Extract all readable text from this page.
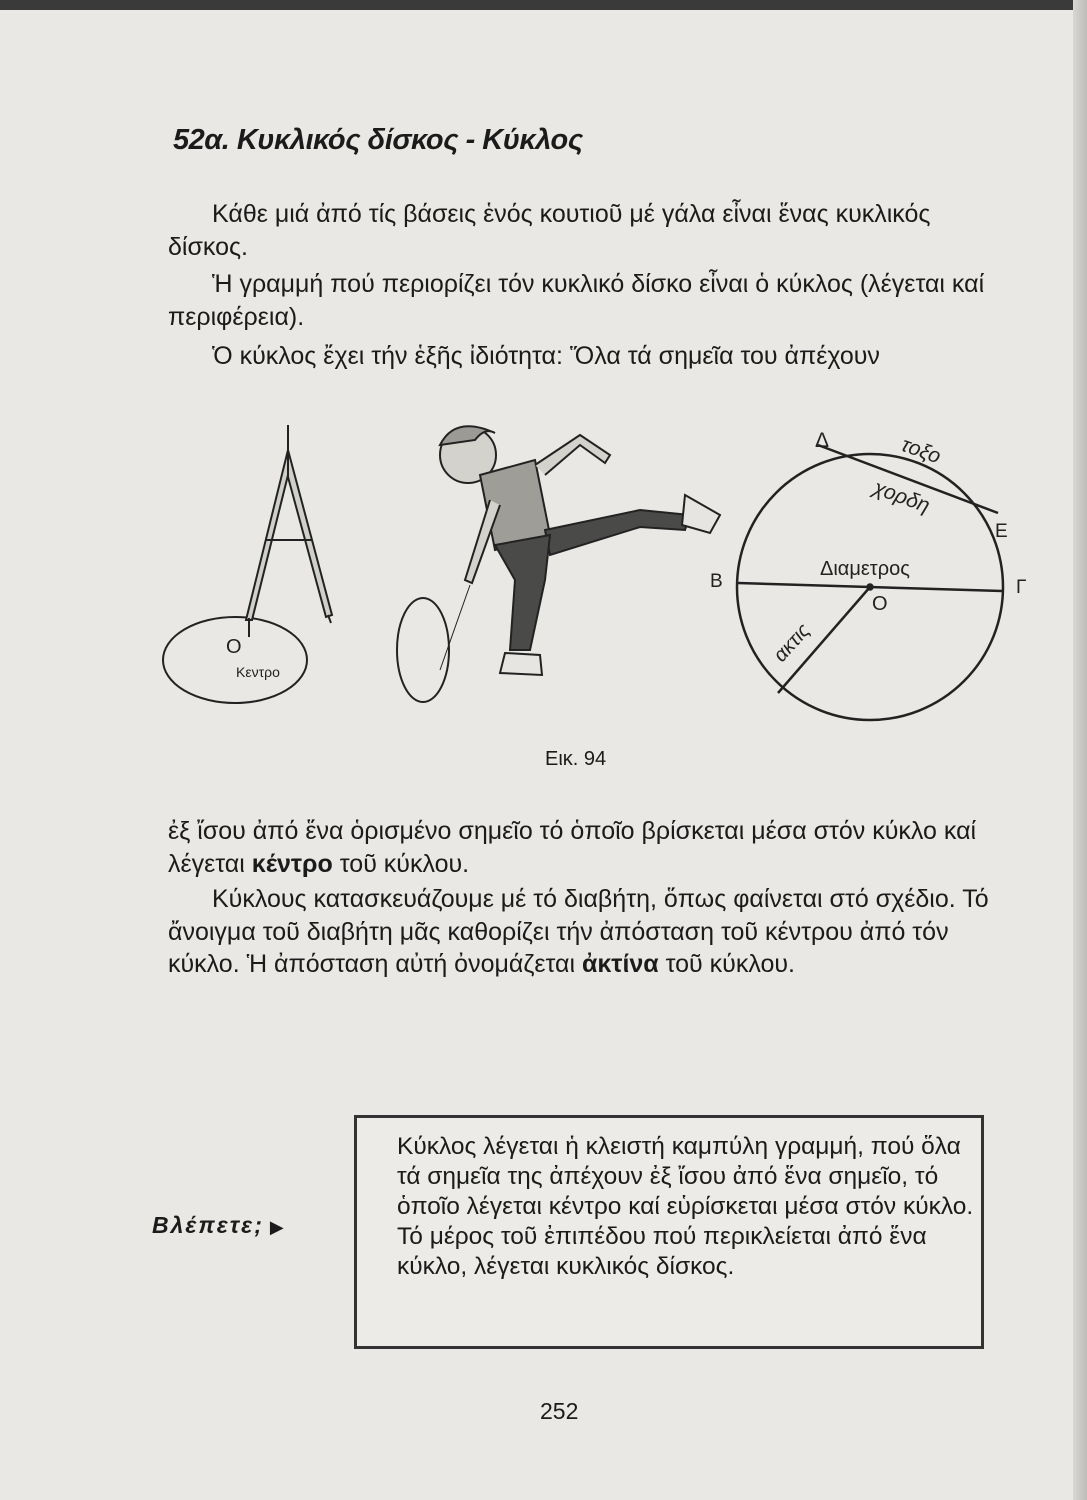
52α. Κυκλικός δίσκος - Κύκλος

Κάθε μιά ἀπό τίς βάσεις ἑνός κουτιοῦ μέ γάλα εἶναι ἕνας κυκλικός δίσκος.

Ἡ γραμμή πού περιορίζει τόν κυκλικό δίσκο εἶναι ὁ κύκλος (λέγεται καί περιφέρεια).

Ὁ κύκλος ἔχει τήν ἑξῆς ἰδιότητα: Ὅλα τά σημεῖα του ἀπέχουν

Ο
Κεντρο
Δ	τοξο
χορδη
Ε
Διαμετρος
Β	Γ
Ο
ακτις
Εικ. 94

ἐξ ἴσου ἀπό ἕνα ὁρισμένο σημεῖο τό ὁποῖο βρίσκεται μέσα στόν κύκλο καί λέγεται κέντρο τοῦ κύκλου.

Κύκλους κατασκευάζουμε μέ τό διαβήτη, ὅπως φαίνεται στό σχέδιο. Τό ἄνοιγμα τοῦ διαβήτη μᾶς καθορίζει τήν ἀπόσταση τοῦ κέντρου ἀπό τόν κύκλο. Ἡ ἀπόσταση αὐτή ὀνομάζεται ἀκτίνα τοῦ κύκλου.

Βλέπετε; ▶

Κύκλος λέγεται ἡ κλειστή καμπύλη γραμμή, πού ὅλα τά σημεῖα της ἀπέχουν ἐξ ἴσου ἀπό ἕνα σημεῖο, τό ὁποῖο λέγεται κέντρο καί εὑρίσκεται μέσα στόν κύκλο. Τό μέρος τοῦ ἐπιπέδου πού περικλείεται ἀπό ἕνα κύκλο, λέγεται κυκλικός δίσκος.

252
